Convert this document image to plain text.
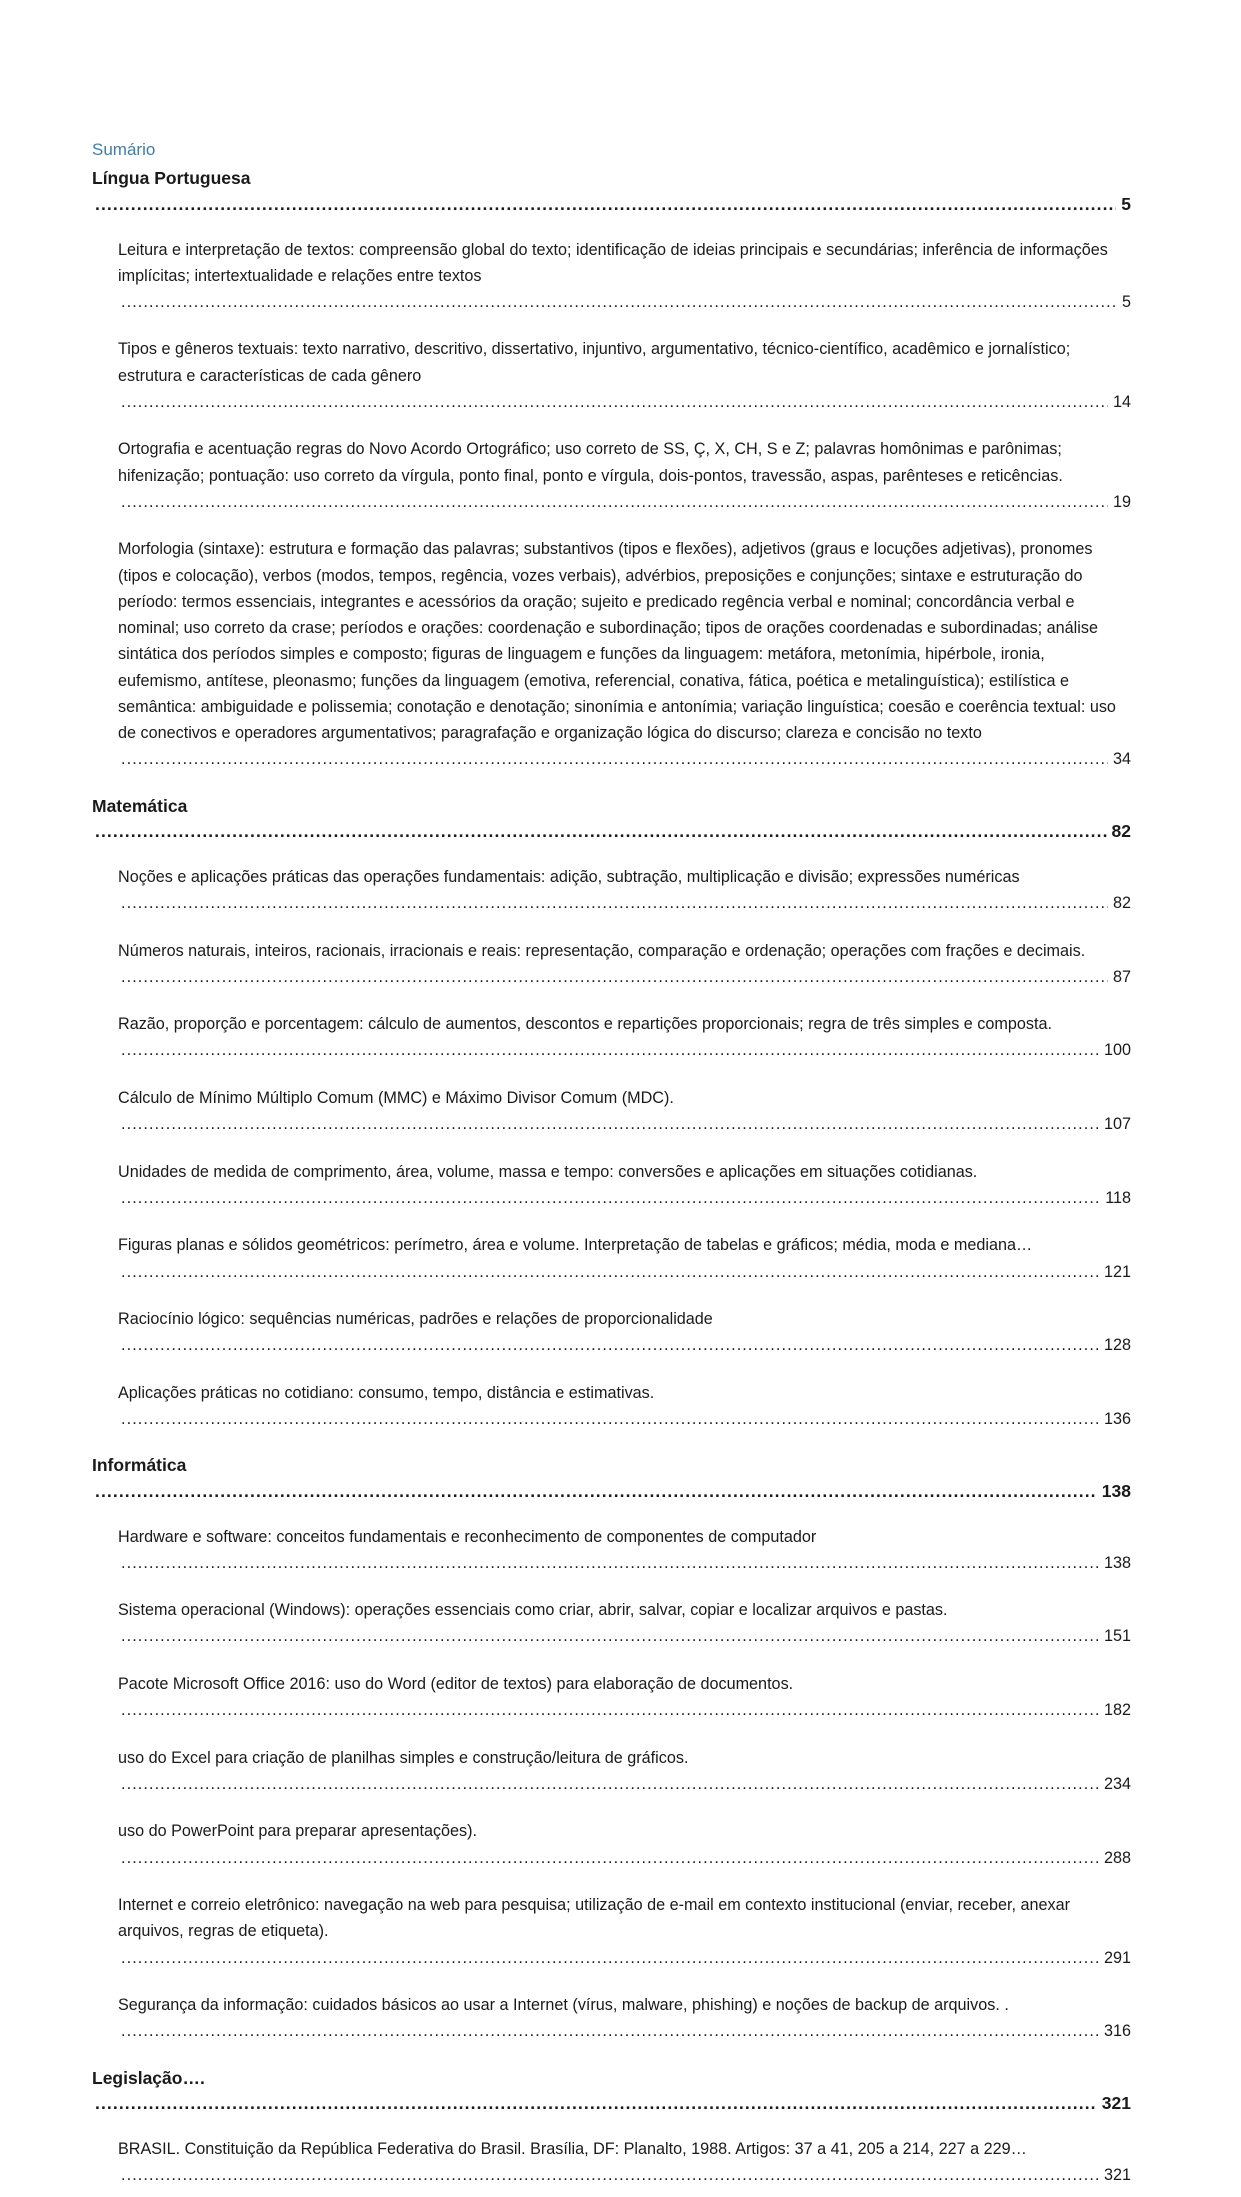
Sumário
Língua Portuguesa
.....
5
Leitura e interpretação de textos: compreensão global do texto; identificação de ideias principais e secundárias; inferência de informações implícitas; intertextualidade e relações entre textos
.....
5
Tipos e gêneros textuais: texto narrativo, descritivo, dissertativo, injuntivo, argumentativo, técnico-científico, acadêmico e jornalístico; estrutura e características de cada gênero
.....
14
Ortografia e acentuação regras do Novo Acordo Ortográfico; uso correto de SS, Ç, X, CH, S e Z; palavras homônimas e parônimas; hifenização; pontuação: uso correto da vírgula, ponto final, ponto e vírgula, dois-pontos, travessão, aspas, parênteses e reticências.
.....
19
Morfologia (sintaxe): estrutura e formação das palavras; substantivos (tipos e flexões), adjetivos (graus e locuções adjetivas), pronomes (tipos e colocação), verbos (modos, tempos, regência, vozes verbais), advérbios, preposições e conjunções; sintaxe e estruturação do período: termos essenciais, integrantes e acessórios da oração; sujeito e predicado regência verbal e nominal; concordância verbal e nominal; uso correto da crase; períodos e orações: coordenação e subordinação; tipos de orações coordenadas e subordinadas; análise sintática dos períodos simples e composto; figuras de linguagem e funções da linguagem: metáfora, metonímia, hipérbole, ironia, eufemismo, antítese, pleonasmo; funções da linguagem (emotiva, referencial, conativa, fática, poética e metalinguística); estilística e semântica: ambiguidade e polissemia; conotação e denotação; sinonímia e antonímia; variação linguística; coesão e coerência textual: uso de conectivos e operadores argumentativos; paragrafação e organização lógica do discurso; clareza e concisão no texto
.....
34
Matemática
.....
82
Noções e aplicações práticas das operações fundamentais: adição, subtração, multiplicação e divisão; expressões numéricas
.....
82
Números naturais, inteiros, racionais, irracionais e reais: representação, comparação e ordenação; operações com frações e decimais.
.....
87
Razão, proporção e porcentagem: cálculo de aumentos, descontos e repartições proporcionais; regra de três simples e composta.
.....
100
Cálculo de Mínimo Múltiplo Comum (MMC) e Máximo Divisor Comum (MDC).
.....
107
Unidades de medida de comprimento, área, volume, massa e tempo: conversões e aplicações em situações cotidianas.
.....
118
Figuras planas e sólidos geométricos: perímetro, área e volume. Interpretação de tabelas e gráficos; média, moda e mediana…
.....
121
Raciocínio lógico: sequências numéricas, padrões e relações de proporcionalidade
.....
128
Aplicações práticas no cotidiano: consumo, tempo, distância e estimativas.
.....
136
Informática
.....
138
Hardware e software: conceitos fundamentais e reconhecimento de componentes de computador
.....
138
Sistema operacional (Windows): operações essenciais como criar, abrir, salvar, copiar e localizar arquivos e pastas.
.....
151
Pacote Microsoft Office 2016: uso do Word (editor de textos) para elaboração de documentos.
.....
182
uso do Excel para criação de planilhas simples e construção/leitura de gráficos.
.....
234
uso do PowerPoint para preparar apresentações).
.....
288
Internet e correio eletrônico: navegação na web para pesquisa; utilização de e-mail em contexto institucional (enviar, receber, anexar arquivos, regras de etiqueta).
.....
291
Segurança da informação: cuidados básicos ao usar a Internet (vírus, malware, phishing) e noções de backup de arquivos. .
.....
316
Legislação….
.....
321
BRASIL. Constituição da República Federativa do Brasil. Brasília, DF: Planalto, 1988. Artigos: 37 a 41, 205 a 214, 227 a 229…
.....
321
